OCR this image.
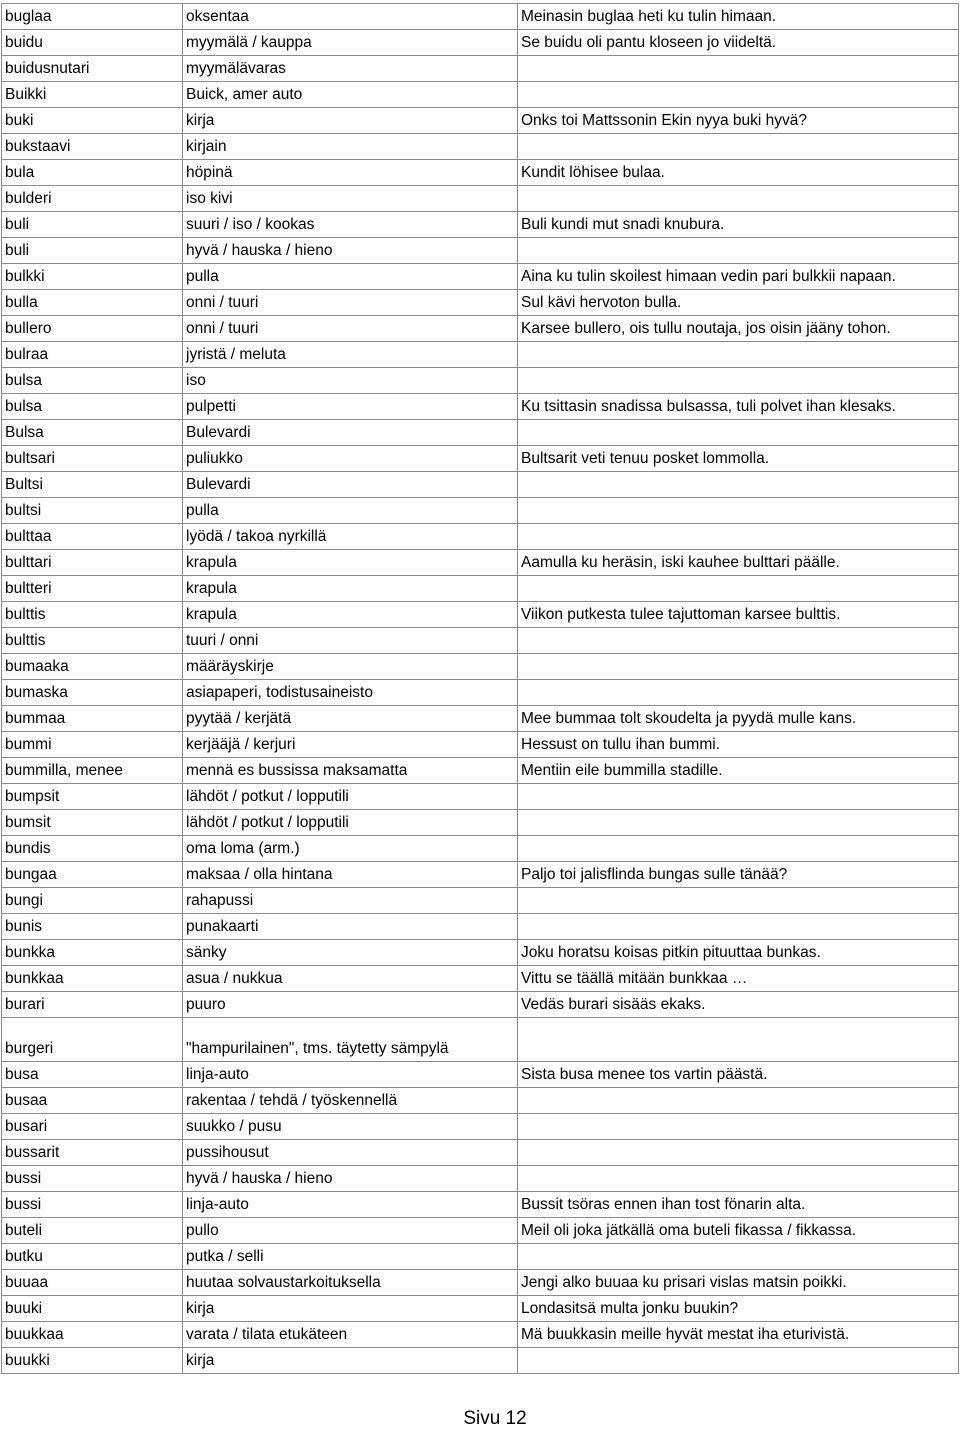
buglaa	oksentaa	Meinasin buglaa heti ku tulin himaan.
buidu	myymälä / kauppa	Se buidu oli pantu kloseen jo viideltä.
buidusnutari	myymälävaras	
Buikki	Buick, amer auto	
buki	kirja	Onks toi Mattssonin Ekin nyya buki hyvä?
bukstaavi	kirjain	
bula	höpinä	Kundit löhisee bulaa.
bulderi	iso kivi	
buli	suuri / iso / kookas	Buli kundi mut snadi knubura.
buli	hyvä / hauska / hieno	
bulkki	pulla	Aina ku tulin skoilest himaan vedin pari bulkkii napaan.
bulla	onni / tuuri	Sul kävi hervoton bulla.
bullero	onni / tuuri	Karsee bullero, ois tullu noutaja, jos oisin jääny tohon.
bulraa	jyristä / meluta	
bulsa	iso	
bulsa	pulpetti	Ku tsittasin snadissa bulsassa, tuli polvet ihan klesaks.
Bulsa	Bulevardi	
bultsari	puliukko	Bultsarit veti tenuu posket lommolla.
Bultsi	Bulevardi	
bultsi	pulla	
bulttaa	lyödä / takoa nyrkillä	
bulttari	krapula	Aamulla ku heräsin, iski kauhee bulttari päälle.
bultteri	krapula	
bulttis	krapula	Viikon putkesta tulee tajuttoman karsee bulttis.
bulttis	tuuri / onni	
bumaaka	määräyskirje	
bumaska	asiapaperi, todistusaineisto	
bummaa	pyytää / kerjätä	Mee bummaa tolt skoudelta ja pyydä mulle kans.
bummi	kerjääjä / kerjuri	Hessust on tullu ihan bummi.
bummilla, menee	mennä es bussissa maksamatta	Mentiin eile bummilla stadille.
bumpsit	lähdöt / potkut / lopputili	
bumsit	lähdöt / potkut / lopputili	
bundis	oma loma (arm.)	
bungaa	maksaa / olla hintana	Paljo toi jalisflinda bungas sulle tänää?
bungi	rahapussi	
bunis	punakaarti	
bunkka	sänky	Joku horatsu koisas pitkin pituuttaa bunkas.
bunkkaa	asua / nukkua	Vittu se täällä mitään bunkkaa …
burari	puuro	Vedäs burari sisääs ekaks.
burgeri	"hampurilainen", tms. täytetty sämpylä	
busa	linja-auto	Sista busa menee tos vartin päästä.
busaa	rakentaa / tehdä / työskennellä	
busari	suukko / pusu	
bussarit	pussihousut	
bussi	hyvä / hauska / hieno	
bussi	linja-auto	Bussit tsöras ennen ihan tost fönarin alta.
buteli	pullo	Meil oli joka jätkällä oma buteli fikassa / fikkassa.
butku	putka / selli	
buuaa	huutaa solvaustarkoituksella	Jengi alko buuaa ku prisari vislas matsin poikki.
buuki	kirja	Londasitsä multa jonku buukin?
buukkaa	varata / tilata etukäteen	Mä buukkasin meille hyvät mestat iha eturivistä.
buukki	kirja	
Sivu 12
